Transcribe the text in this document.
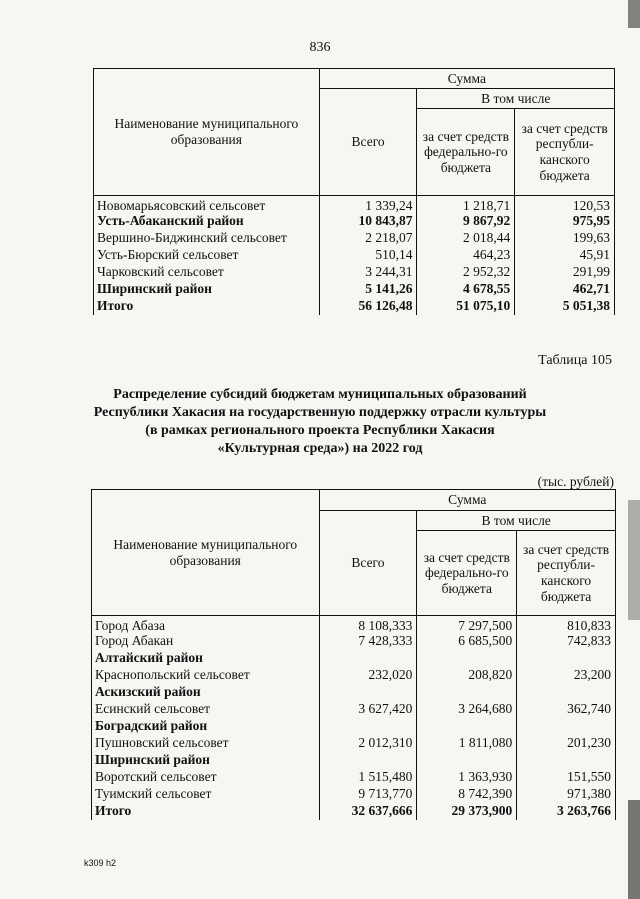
836
Наименование муниципального образования	Сумма		
	Всего	В том числе	
		за счет средств федерально-го бюджета	за счет средств республи-канского бюджета
Новомарьясовский сельсовет	1 339,24	1 218,71	120,53
Усть-Абаканский район	10 843,87	9 867,92	975,95
Вершино-Биджинский сельсовет	2 218,07	2 018,44	199,63
Усть-Бюрский сельсовет	510,14	464,23	45,91
Чарковский сельсовет	3 244,31	2 952,32	291,99
Ширинский район	5 141,26	4 678,55	462,71
Итого	56 126,48	51 075,10	5 051,38
Таблица 105
Распределение субсидий бюджетам муниципальных образований
Республики Хакасия на государственную поддержку отрасли культуры
(в рамках регионального проекта Республики Хакасия
«Культурная среда») на 2022 год
(тыс. рублей)
Наименование муниципального образования	Сумма		
	Всего	В том числе	
		за счет средств федерально-го бюджета	за счет средств республи-канского бюджета
Город Абаза	8 108,333	7 297,500	810,833
Город Абакан	7 428,333	6 685,500	742,833
Алтайский район			
Краснопольский сельсовет	232,020	208,820	23,200
Аскизский район			
Есинский сельсовет	3 627,420	3 264,680	362,740
Боградский район			
Пушновский сельсовет	2 012,310	1 811,080	201,230
Ширинский район			
Воротский сельсовет	1 515,480	1 363,930	151,550
Туимский сельсовет	9 713,770	8 742,390	971,380
Итого	32 637,666	29 373,900	3 263,766
k309 h2
